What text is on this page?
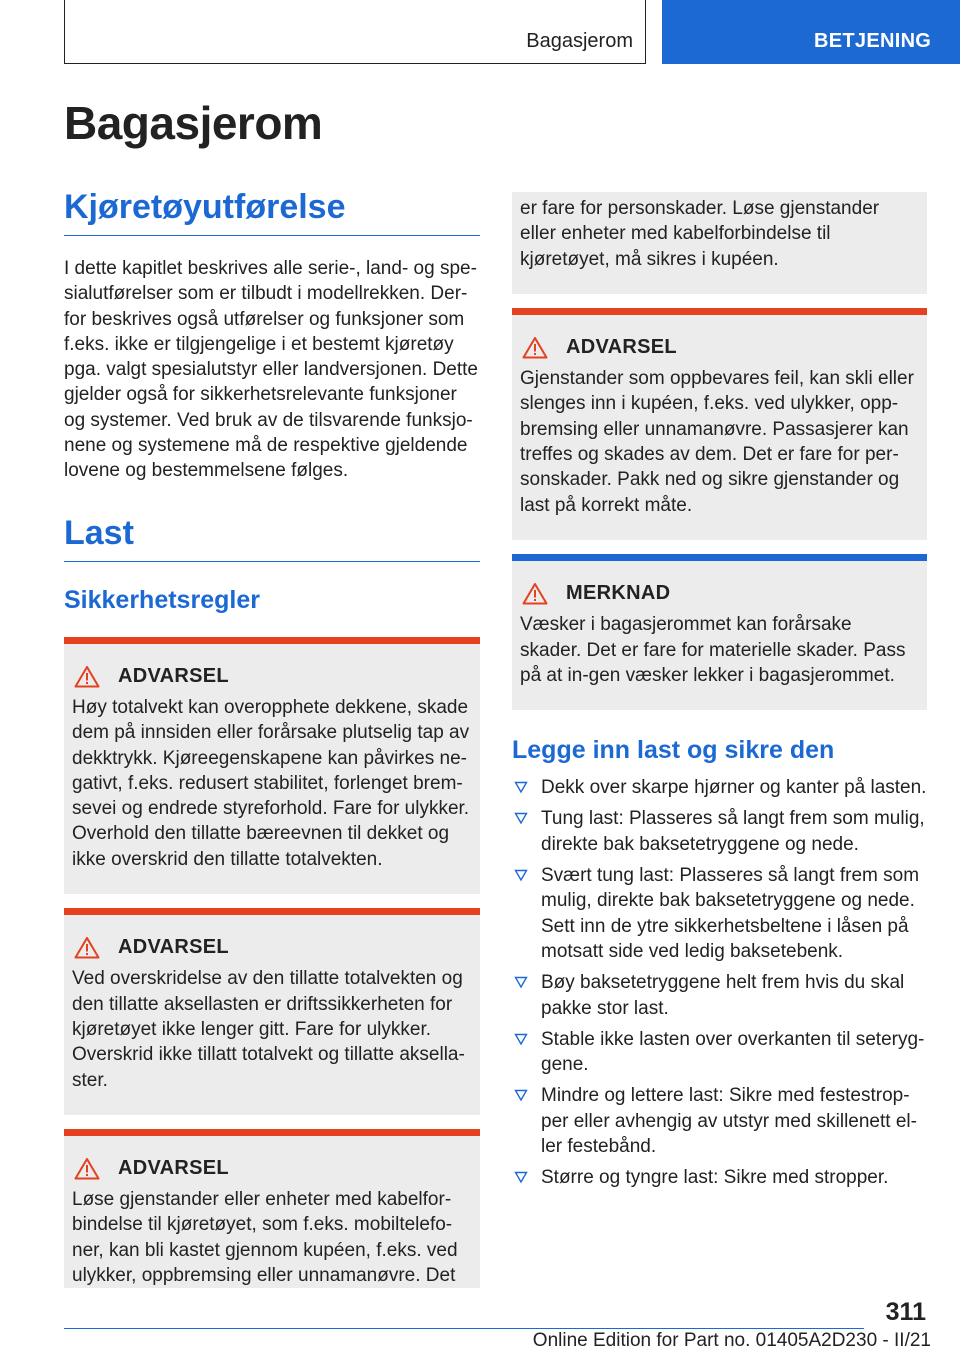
Bagasjerom	BETJENING
Bagasjerom
Kjøretøyutførelse

I dette kapitlet beskrives alle serie-, land- og spe-sialutførelser som er tilbudt i modellrekken. Der-for beskrives også utførelser og funksjoner som f.eks. ikke er tilgjengelige i et bestemt kjøretøy pga. valgt spesialutstyr eller landversjonen. Dette gjelder også for sikkerhetsrelevante funksjoner og systemer. Ved bruk av de tilsvarende funksjo-nene og systemene må de respektive gjeldende lovene og bestemmelsene følges.

Last
Sikkerhetsregler
ADVARSEL

Høy totalvekt kan overopphete dekkene, skade dem på innsiden eller forårsake plutselig tap av dekktrykk. Kjøreegenskapene kan påvirkes ne-gativt, f.eks. redusert stabilitet, forlenget brem-sevei og endrede styreforhold. Fare for ulykker. Overhold den tillatte bæreevnen til dekket og ikke overskrid den tillatte totalvekten.

ADVARSEL

Ved overskridelse av den tillatte totalvekten og den tillatte aksellasten er driftssikkerheten for kjøretøyet ikke lenger gitt. Fare for ulykker. Overskrid ikke tillatt totalvekt og tillatte aksella-ster.

ADVARSEL

Løse gjenstander eller enheter med kabelfor-bindelse til kjøretøyet, som f.eks. mobiltelefo-ner, kan bli kastet gjennom kupéen, f.eks. ved ulykker, oppbremsing eller unnamanøvre. Det

er fare for personskader. Løse gjenstander eller enheter med kabelforbindelse til kjøretøyet, må sikres i kupéen.

ADVARSEL

Gjenstander som oppbevares feil, kan skli eller slenges inn i kupéen, f.eks. ved ulykker, opp-bremsing eller unnamanøvre. Passasjerer kan treffes og skades av dem. Det er fare for per-sonskader. Pakk ned og sikre gjenstander og last på korrekt måte.

MERKNAD

Væsker i bagasjerommet kan forårsake skader. Det er fare for materielle skader. Pass på at in-gen væsker lekker i bagasjerommet.

Legge inn last og sikre den
Dekk over skarpe hjørner og kanter på lasten.
Tung last: Plasseres så langt frem som mulig, direkte bak baksetetryggene og nede.
Svært tung last: Plasseres så langt frem som mulig, direkte bak baksetetryggene og nede. Sett inn de ytre sikkerhetsbeltene i låsen på motsatt side ved ledig baksetebenk.
Bøy baksetetryggene helt frem hvis du skal pakke stor last.
Stable ikke lasten over overkanten til seteryg-gene.
Mindre og lettere last: Sikre med festestrop-per eller avhengig av utstyr med skillenett el-ler festebånd.
Større og tyngre last: Sikre med stropper.
311
Online Edition for Part no. 01405A2D230 - II/21
